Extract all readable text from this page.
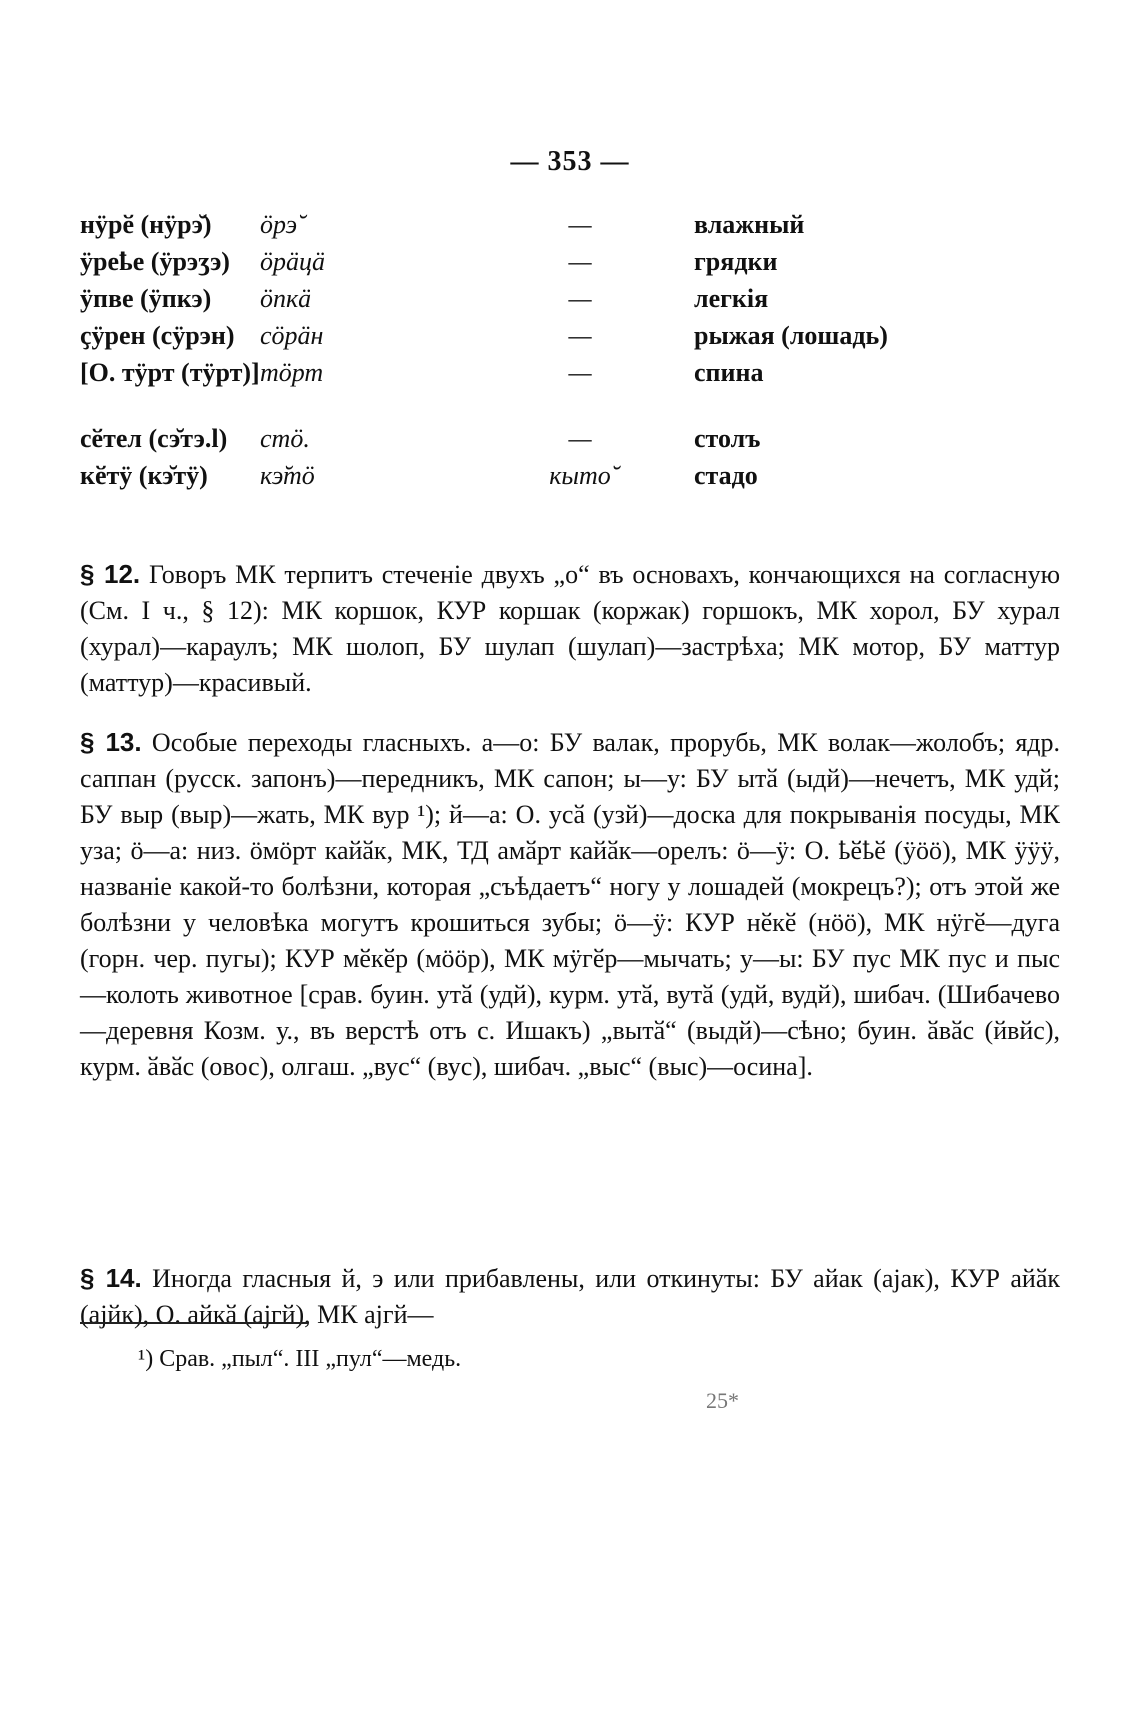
— 353 —
нӱрӗ (нӱрэ̆) ӧрэ̆	—	влажный
ӱреҍе (ӱрэʒэ) ӧрäцä	—	грядки
ӱпве (ӱпкэ) ӧпкä	—	легкія
ҫӱрен (сӱрэн) сӧрäн	—	рыжая (лошадь)
[О. тӱрт (тӱрт)] тӧрт	—	спина
сӗтел (сэ̆тэ.l) стӧ.	—	столъ
кӗтӱ (кэ̆тӱ) кэ̆тӧ	кыто̆	стадо

§ 12. Говоръ МК терпитъ стеченіе двухъ „о“ въ основахъ, кончающихся на согласную (См. I ч., § 12): МК коршок, КУР коршак (коржак) горшокъ, МК хорол, БУ хурал (хурал)—караулъ; МК шолоп, БУ шулап (шулап)—застрѣха; МК мотор, БУ маттур (маттур)—красивый.

§ 13. Особые переходы гласныхъ. а—о: БУ валак, прорубь, МК волак—жолобъ; ядр. саппан (русск. запонъ)—передникъ, МК сапон; ы—у: БУ ытӑ (ыдй)—нечетъ, МК удй; БУ выр (выр)—жать, МК вур ¹); й—а: О. усӑ (узй)—доска для покрыванія посуды, МК уза; ӧ—а: низ. ӧмӧрт кайӑк, МК, ТД амӑрт кайӑк—орелъ: ӧ—ӱ: О. ҍӗҍӗ (ӱӧӧ), МК ӱӱӱ, названіе какой-то болѣзни, которая „съѣдаетъ“ ногу у лошадей (мокрецъ?); отъ этой же болѣзни у человѣка могутъ крошиться зубы; ӧ—ӱ: КУР нӗкӗ (нӧӧ), МК нӱгӗ—дуга (горн. чер. пугы); КУР мӗкӗр (мӧӧр), МК мӱгӗр—мычать; у—ы: БУ пус МК пус и пыс—колоть животное [срав. буин. утӑ (удй), курм. утӑ, вутӑ (удй, вудй), шибач. (Шибачево—деревня Козм. у., въ верстѣ отъ с. Ишакъ) „вытӑ“ (выдй)—сѣно; буин. ӑвӑс (йвйс), курм. ӑвӑс (овос), олгаш. „вус“ (вус), шибач. „выс“ (выс)—осина].

§ 14. Иногда гласныя й, э или прибавлены, или откинуты: БУ айак (ајак), КУР айӑк (ајйк), О. айкӑ (ајгй), МК ајгй—

¹) Срав. „пыл“. III „пул“—медь.
25*
